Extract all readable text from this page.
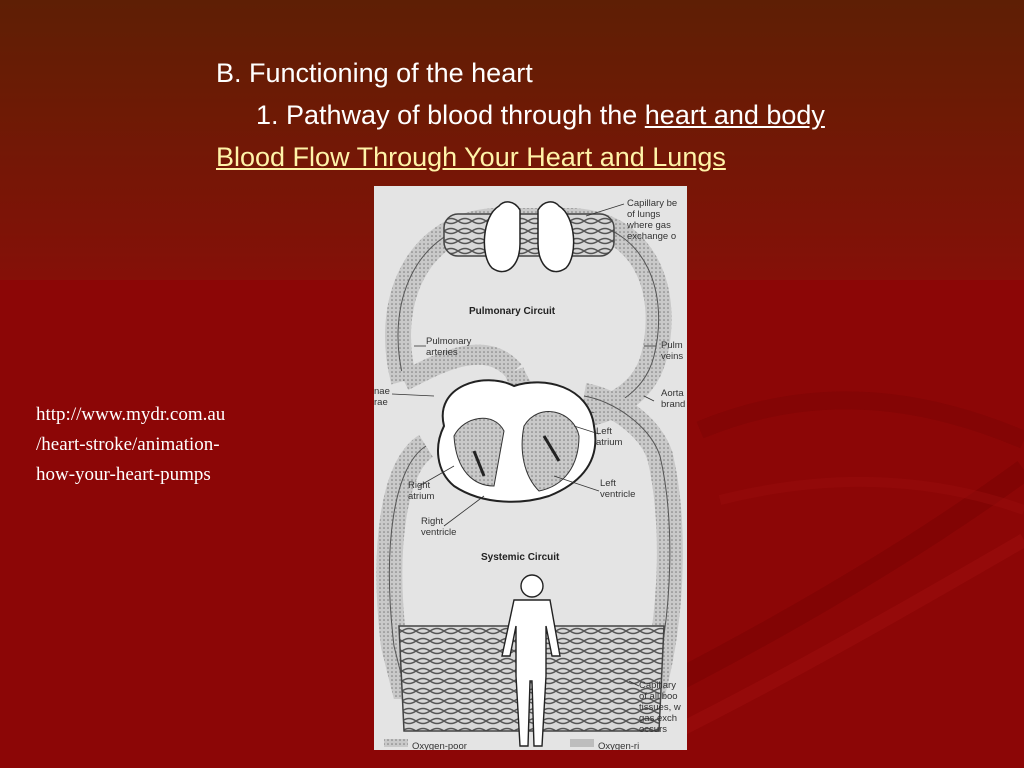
B. Functioning of the heart
1. Pathway of blood through the heart and body
Blood Flow Through Your Heart and Lungs
http://www.mydr.com.au
/heart-stroke/animation-
how-your-heart-pumps
Capillary be of lungs where gas exchange o
Pulmonary Circuit
Pulmonary arteries
Pulm veins
nae rae
Aorta brand
Left atrium
Right atrium
Left ventricle
Right ventricle
Systemic Circuit
Capillary of all boo tissues, w gas exch occurs
Oxygen-poor	Oxygen-ri
